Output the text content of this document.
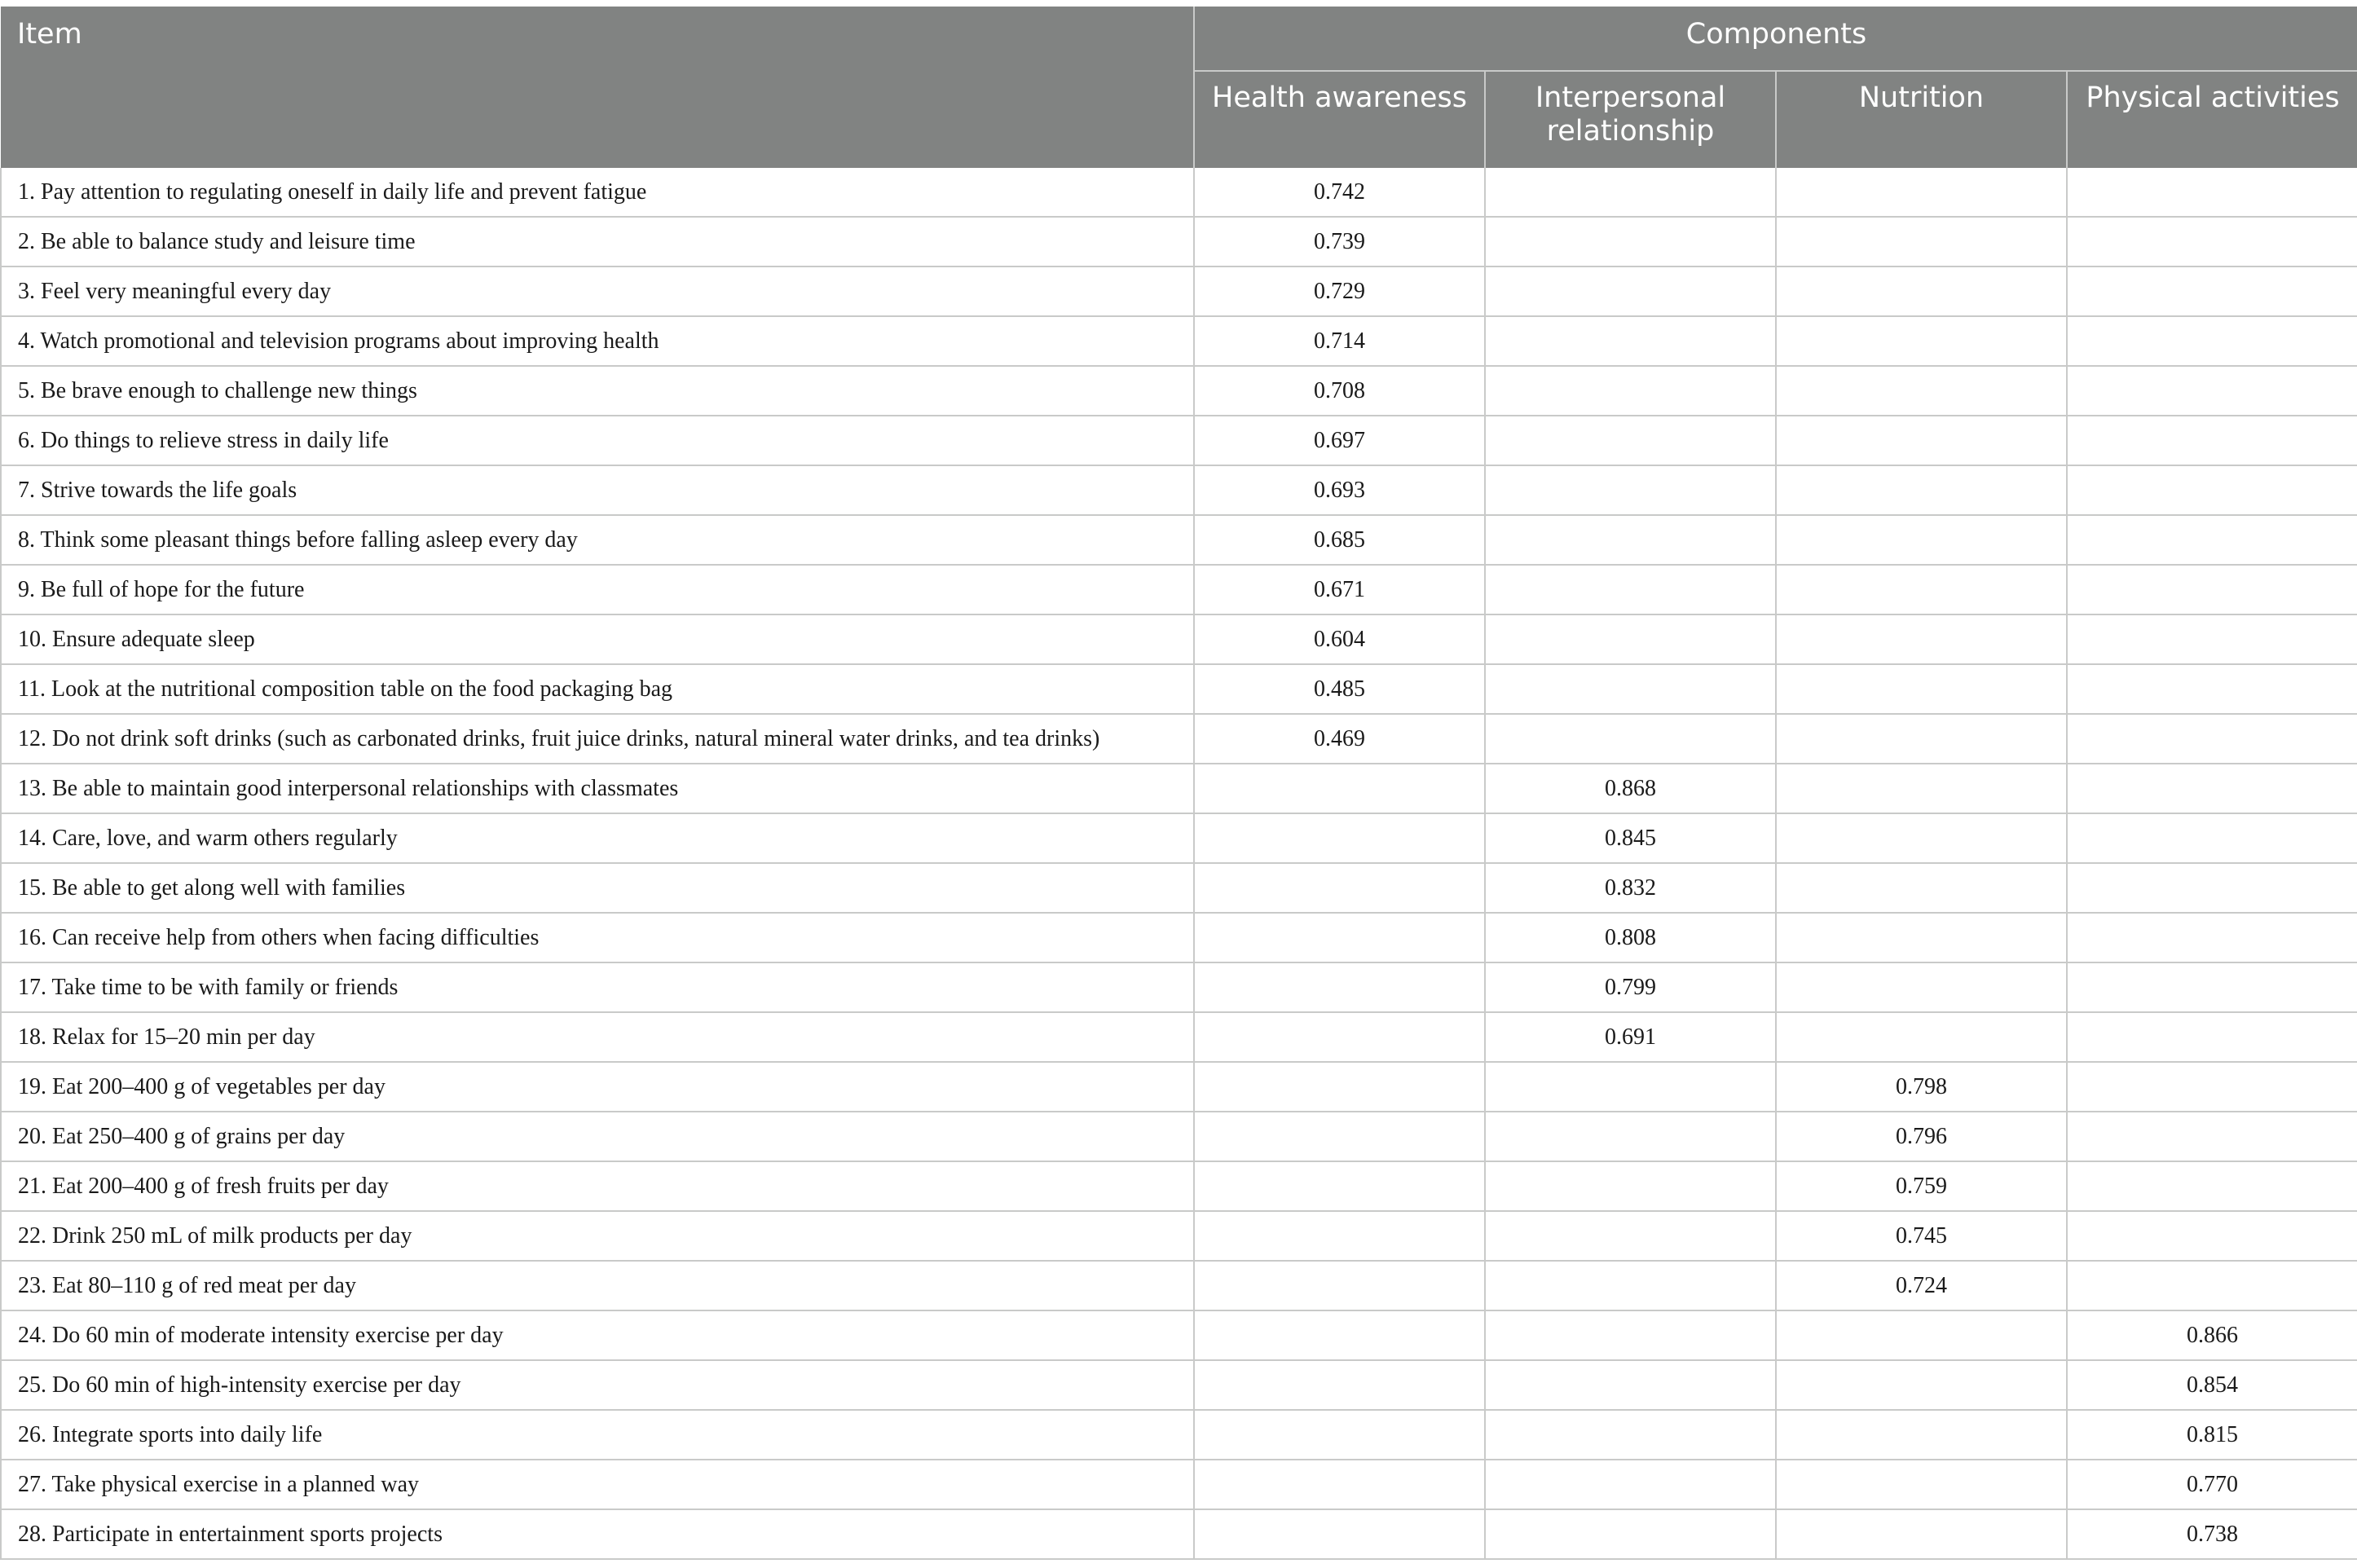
Item	Components			
	Health awareness	Interpersonal relationship	Nutrition	Physical activities
1. Pay attention to regulating oneself in daily life and prevent fatigue	0.742			
2. Be able to balance study and leisure time	0.739			
3. Feel very meaningful every day	0.729			
4. Watch promotional and television programs about improving health	0.714			
5. Be brave enough to challenge new things	0.708			
6. Do things to relieve stress in daily life	0.697			
7. Strive towards the life goals	0.693			
8. Think some pleasant things before falling asleep every day	0.685			
9. Be full of hope for the future	0.671			
10. Ensure adequate sleep	0.604			
11. Look at the nutritional composition table on the food packaging bag	0.485			
12. Do not drink soft drinks (such as carbonated drinks, fruit juice drinks, natural mineral water drinks, and tea drinks)	0.469			
13. Be able to maintain good interpersonal relationships with classmates		0.868		
14. Care, love, and warm others regularly		0.845		
15. Be able to get along well with families		0.832		
16. Can receive help from others when facing difficulties		0.808		
17. Take time to be with family or friends		0.799		
18. Relax for 15–20 min per day		0.691		
19. Eat 200–400 g of vegetables per day			0.798	
20. Eat 250–400 g of grains per day			0.796	
21. Eat 200–400 g of fresh fruits per day			0.759	
22. Drink 250 mL of milk products per day			0.745	
23. Eat 80–110 g of red meat per day			0.724	
24. Do 60 min of moderate intensity exercise per day				0.866
25. Do 60 min of high-intensity exercise per day				0.854
26. Integrate sports into daily life				0.815
27. Take physical exercise in a planned way				0.770
28. Participate in entertainment sports projects				0.738
